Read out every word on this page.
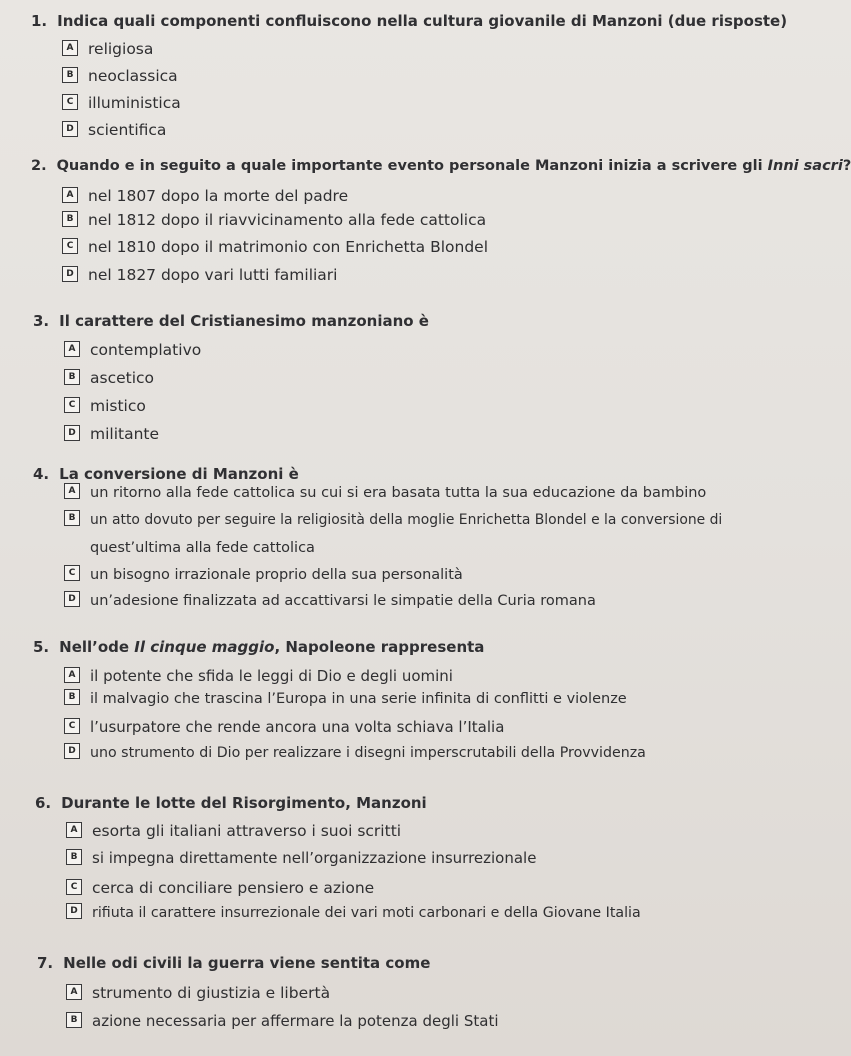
1. Indica quali componenti confluiscono nella cultura giovanile di Manzoni (due risposte)
A religiosa
B neoclassica
C illuministica
D scientifica
2. Quando e in seguito a quale importante evento personale Manzoni inizia a scrivere gli Inni sacri?
A nel 1807 dopo la morte del padre
B nel 1812 dopo il riavvicinamento alla fede cattolica
C nel 1810 dopo il matrimonio con Enrichetta Blondel
D nel 1827 dopo vari lutti familiari
3. Il carattere del Cristianesimo manzoniano è
A contemplativo
B ascetico
C mistico
D militante
4. La conversione di Manzoni è
A un ritorno alla fede cattolica su cui si era basata tutta la sua educazione da bambino
B un atto dovuto per seguire la religiosità della moglie Enrichetta Blondel e la conversione di
quest’ultima alla fede cattolica
C un bisogno irrazionale proprio della sua personalità
D un’adesione finalizzata ad accattivarsi le simpatie della Curia romana
5. Nell’ode Il cinque maggio, Napoleone rappresenta
A il potente che sfida le leggi di Dio e degli uomini
B il malvagio che trascina l’Europa in una serie infinita di conflitti e violenze
C l’usurpatore che rende ancora una volta schiava l’Italia
D uno strumento di Dio per realizzare i disegni imperscrutabili della Provvidenza
6. Durante le lotte del Risorgimento, Manzoni
A esorta gli italiani attraverso i suoi scritti
B si impegna direttamente nell’organizzazione insurrezionale
C cerca di conciliare pensiero e azione
D rifiuta il carattere insurrezionale dei vari moti carbonari e della Giovane Italia
7. Nelle odi civili la guerra viene sentita come
A strumento di giustizia e libertà
B azione necessaria per affermare la potenza degli Stati
